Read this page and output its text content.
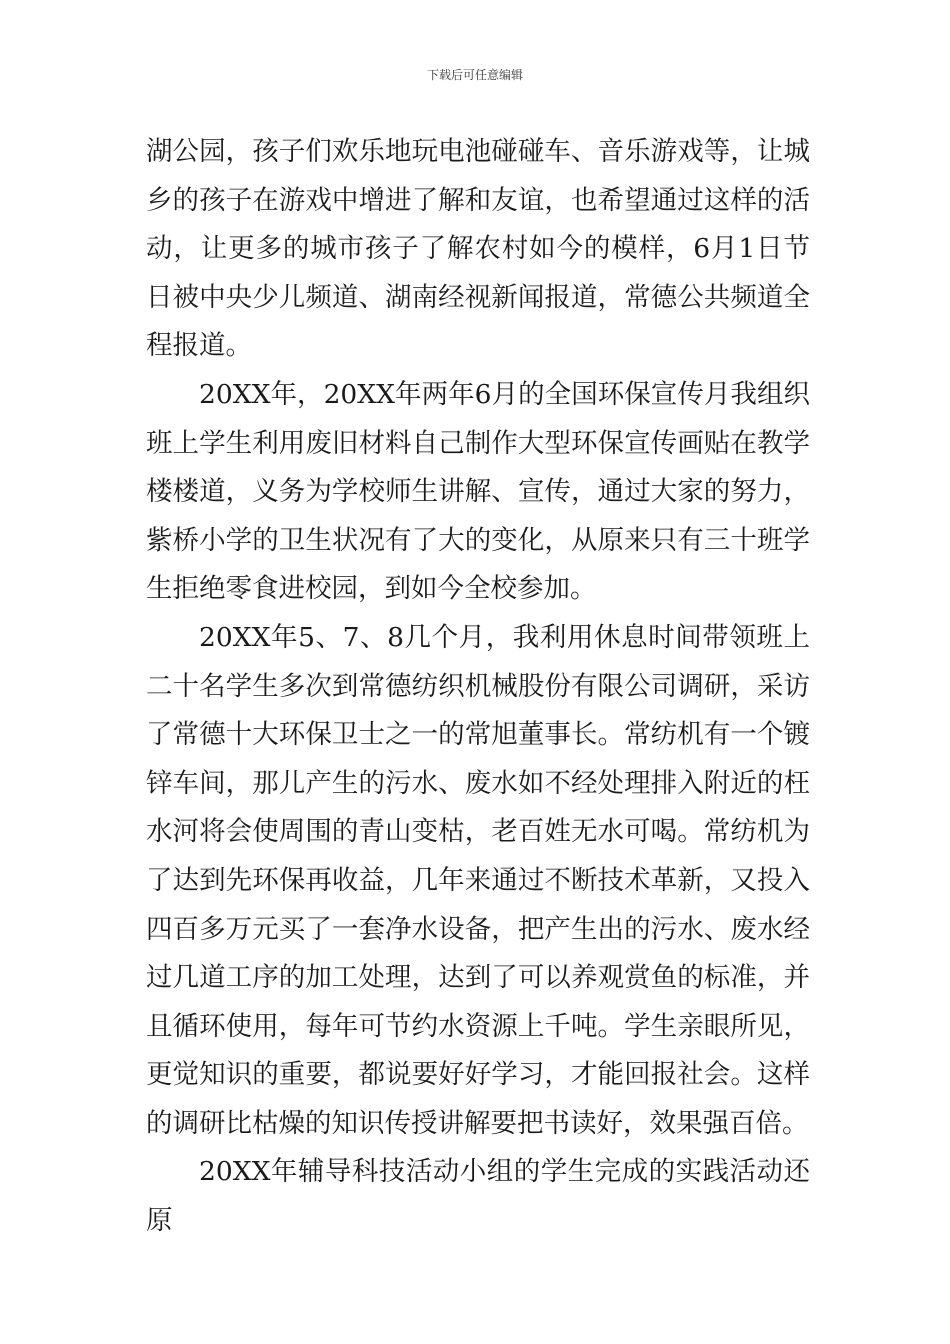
下载后可任意编辑

湖公园，孩子们欢乐地玩电池碰碰车、音乐游戏等，让城乡的孩子在游戏中增进了解和友谊，也希望通过这样的活动，让更多的城市孩子了解农村如今的模样，6月1日节日被中央少儿频道、湖南经视新闻报道，常德公共频道全程报道。

20XX年，20XX年两年6月的全国环保宣传月我组织班上学生利用废旧材料自己制作大型环保宣传画贴在教学楼楼道，义务为学校师生讲解、宣传，通过大家的努力，紫桥小学的卫生状况有了大的变化，从原来只有三十班学生拒绝零食进校园，到如今全校参加。

20XX年5、7、8几个月，我利用休息时间带领班上二十名学生多次到常德纺织机械股份有限公司调研，采访了常德十大环保卫士之一的常旭董事长。常纺机有一个镀锌车间，那儿产生的污水、废水如不经处理排入附近的枉水河将会使周围的青山变枯，老百姓无水可喝。常纺机为了达到先环保再收益，几年来通过不断技术革新，又投入四百多万元买了一套净水设备，把产生出的污水、废水经过几道工序的加工处理，达到了可以养观赏鱼的标准，并且循环使用，每年可节约水资源上千吨。学生亲眼所见，更觉知识的重要，都说要好好学习，才能回报社会。这样的调研比枯燥的知识传授讲解要把书读好，效果强百倍。

20XX年辅导科技活动小组的学生完成的实践活动还原
